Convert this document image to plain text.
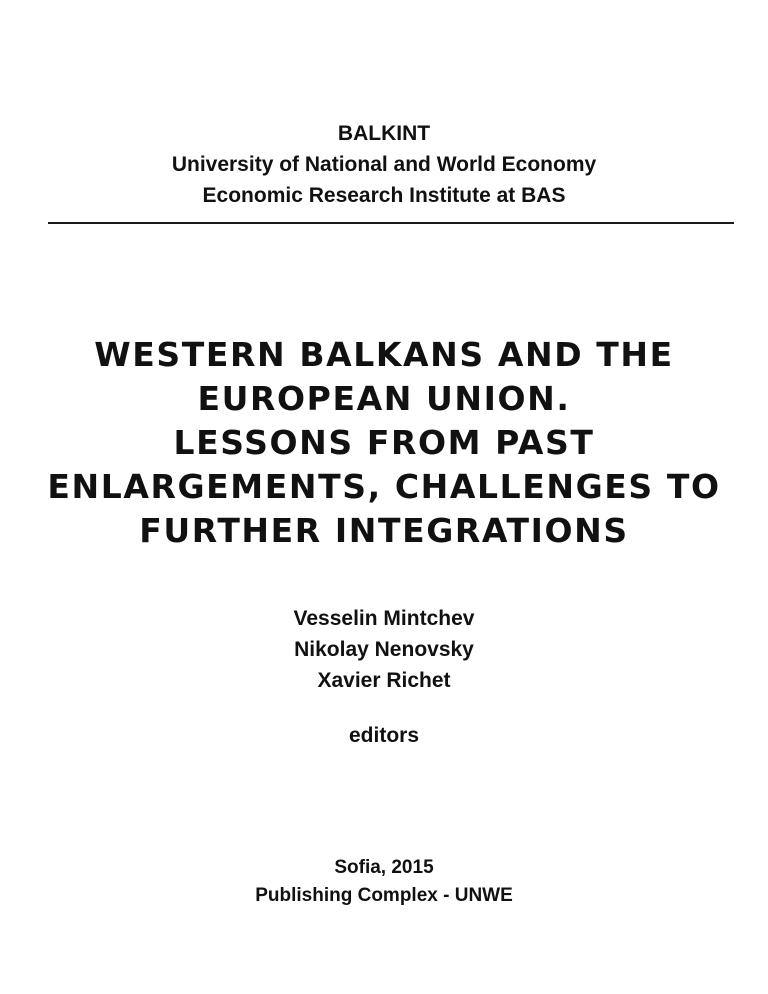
BALKINT
University of National and World Economy
Economic Research Institute at BAS
WESTERN BALKANS AND THE
EUROPEAN UNION.
LESSONS FROM PAST
ENLARGEMENTS, CHALLENGES TO
FURTHER INTEGRATIONS
Vesselin Mintchev
Nikolay Nenovsky
Xavier Richet
editors
Sofia, 2015
Publishing Complex - UNWE
